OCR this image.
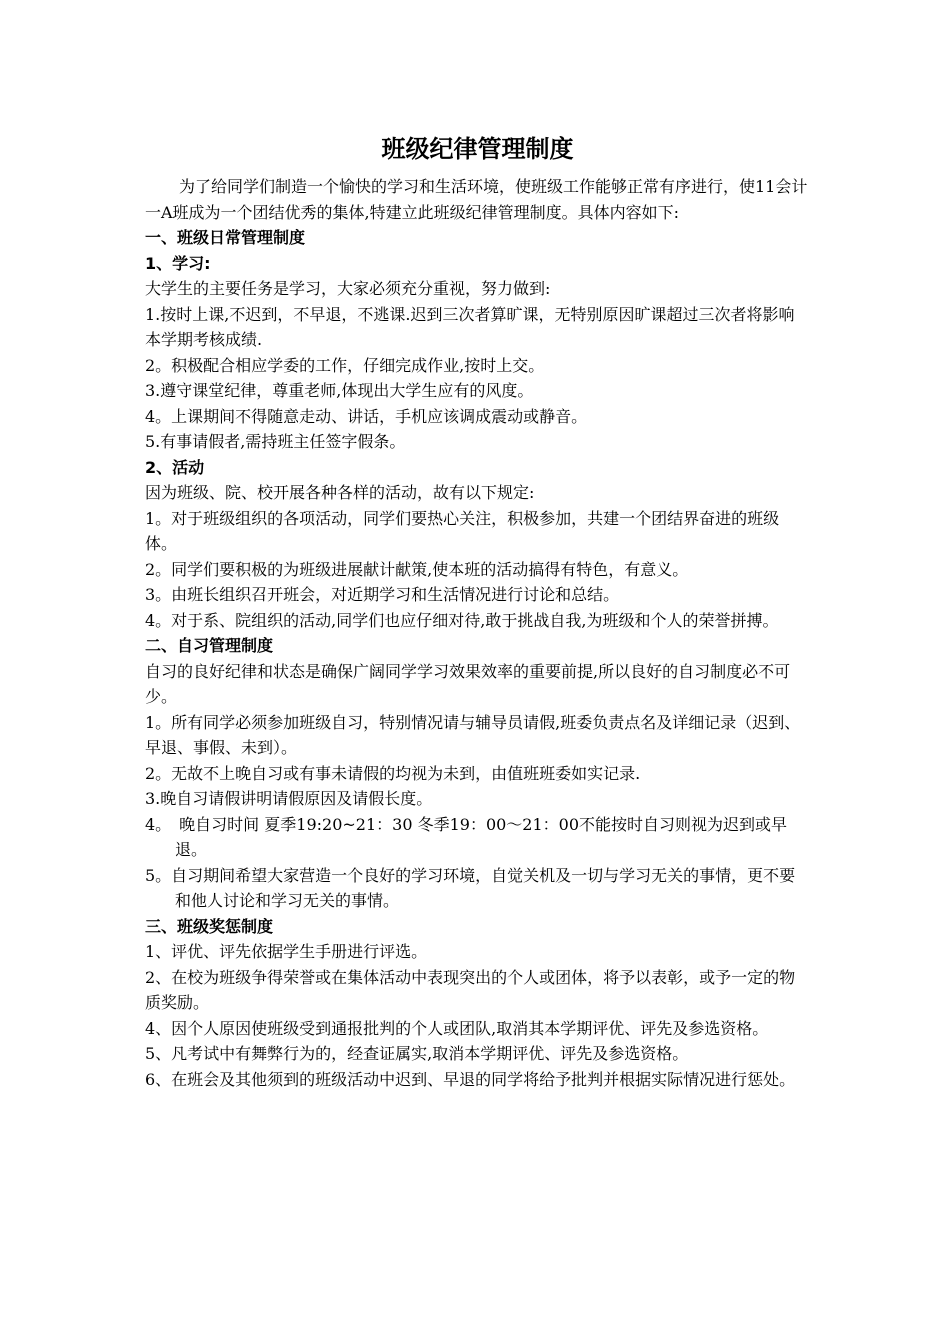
班级纪律管理制度

为了给同学们制造一个愉快的学习和生活环境，使班级工作能够正常有序进行，使11会计一A班成为一个团结优秀的集体,特建立此班级纪律管理制度。具体内容如下:

一、班级日常管理制度

1、学习:

大学生的主要任务是学习，大家必须充分重视，努力做到:

1.按时上课,不迟到，不早退，不逃课.迟到三次者算旷课，无特别原因旷课超过三次者将影响本学期考核成绩.

2。积极配合相应学委的工作，仔细完成作业,按时上交。

3.遵守课堂纪律，尊重老师,体现出大学生应有的风度。

4。上课期间不得随意走动、讲话，手机应该调成震动或静音。

5.有事请假者,需持班主任签字假条。

2、活动

因为班级、院、校开展各种各样的活动，故有以下规定:

1。对于班级组织的各项活动，同学们要热心关注，积极参加，共建一个团结界奋进的班级体。

2。同学们要积极的为班级进展献计献策,使本班的活动搞得有特色，有意义。

3。由班长组织召开班会，对近期学习和生活情况进行讨论和总结。

4。对于系、院组织的活动,同学们也应仔细对待,敢于挑战自我,为班级和个人的荣誉拼搏。

二、自习管理制度

自习的良好纪律和状态是确保广阔同学学习效果效率的重要前提,所以良好的自习制度必不可少。

1。所有同学必须参加班级自习，特别情况请与辅导员请假,班委负责点名及详细记录（迟到、早退、事假、未到）。

2。无故不上晚自习或有事未请假的均视为未到，由值班班委如实记录.

3.晚自习请假讲明请假原因及请假长度。

4。　晚自习时间 夏季19:20~21：30 冬季19：00～21：00不能按时自习则视为迟到或早退。

5。自习期间希望大家营造一个良好的学习环境，自觉关机及一切与学习无关的事情，更不要和他人讨论和学习无关的事情。

三、班级奖惩制度

1、评优、评先依据学生手册进行评选。

2、在校为班级争得荣誉或在集体活动中表现突出的个人或团体，将予以表彰，或予一定的物质奖励。

4、因个人原因使班级受到通报批判的个人或团队,取消其本学期评优、评先及参选资格。

5、凡考试中有舞弊行为的，经查证属实,取消本学期评优、评先及参选资格。

6、在班会及其他须到的班级活动中迟到、早退的同学将给予批判并根据实际情况进行惩处。
